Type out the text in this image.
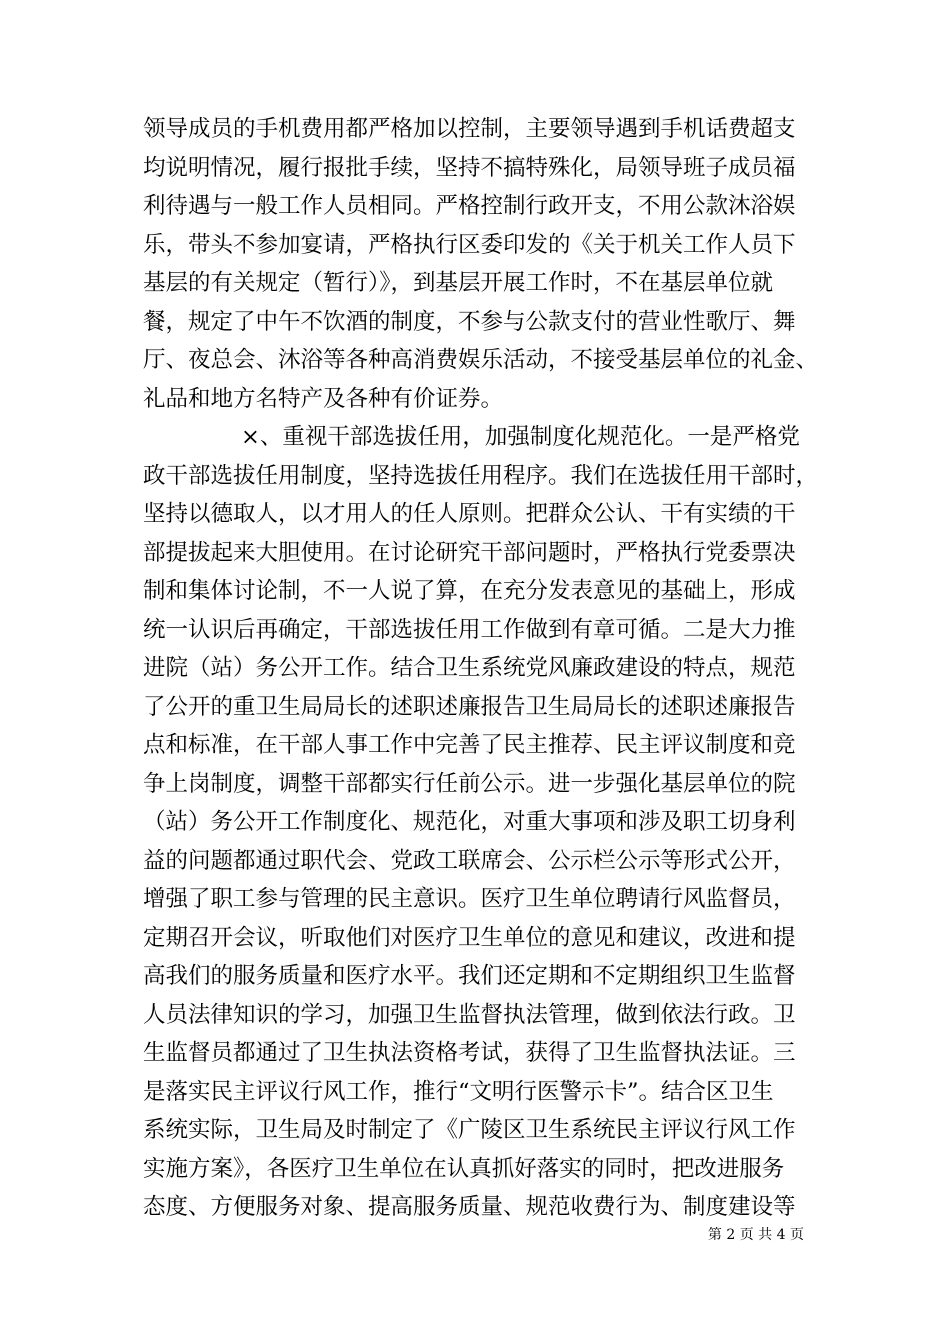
领导成员的手机费用都严格加以控制，主要领导遇到手机话费超支
均说明情况，履行报批手续，坚持不搞特殊化，局领导班子成员福
利待遇与一般工作人员相同。严格控制行政开支，不用公款沐浴娱
乐，带头不参加宴请，严格执行区委印发的《关于机关工作人员下
基层的有关规定（暂行）》，到基层开展工作时，不在基层单位就
餐，规定了中午不饮酒的制度，不参与公款支付的营业性歌厅、舞
厅、夜总会、沐浴等各种高消费娱乐活动，不接受基层单位的礼金、
礼品和地方名特产及各种有价证券。
×、重视干部选拔任用，加强制度化规范化。一是严格党
政干部选拔任用制度，坚持选拔任用程序。我们在选拔任用干部时，
坚持以德取人，以才用人的任人原则。把群众公认、干有实绩的干
部提拔起来大胆使用。在讨论研究干部问题时，严格执行党委票决
制和集体讨论制，不一人说了算，在充分发表意见的基础上，形成
统一认识后再确定，干部选拔任用工作做到有章可循。二是大力推
进院（站）务公开工作。结合卫生系统党风廉政建设的特点，规范
了公开的重卫生局局长的述职述廉报告卫生局局长的述职述廉报告
点和标准，在干部人事工作中完善了民主推荐、民主评议制度和竞
争上岗制度，调整干部都实行任前公示。进一步强化基层单位的院
（站）务公开工作制度化、规范化，对重大事项和涉及职工切身利
益的问题都通过职代会、党政工联席会、公示栏公示等形式公开，
增强了职工参与管理的民主意识。医疗卫生单位聘请行风监督员，
定期召开会议，听取他们对医疗卫生单位的意见和建议，改进和提
高我们的服务质量和医疗水平。我们还定期和不定期组织卫生监督
人员法律知识的学习，加强卫生监督执法管理，做到依法行政。卫
生监督员都通过了卫生执法资格考试，获得了卫生监督执法证。三
是落实民主评议行风工作，推行“文明行医警示卡”。结合区卫生
系统实际，卫生局及时制定了《广陵区卫生系统民主评议行风工作
实施方案》，各医疗卫生单位在认真抓好落实的同时，把改进服务
态度、方便服务对象、提高服务质量、规范收费行为、制度建设等
第 2 页 共 4 页
